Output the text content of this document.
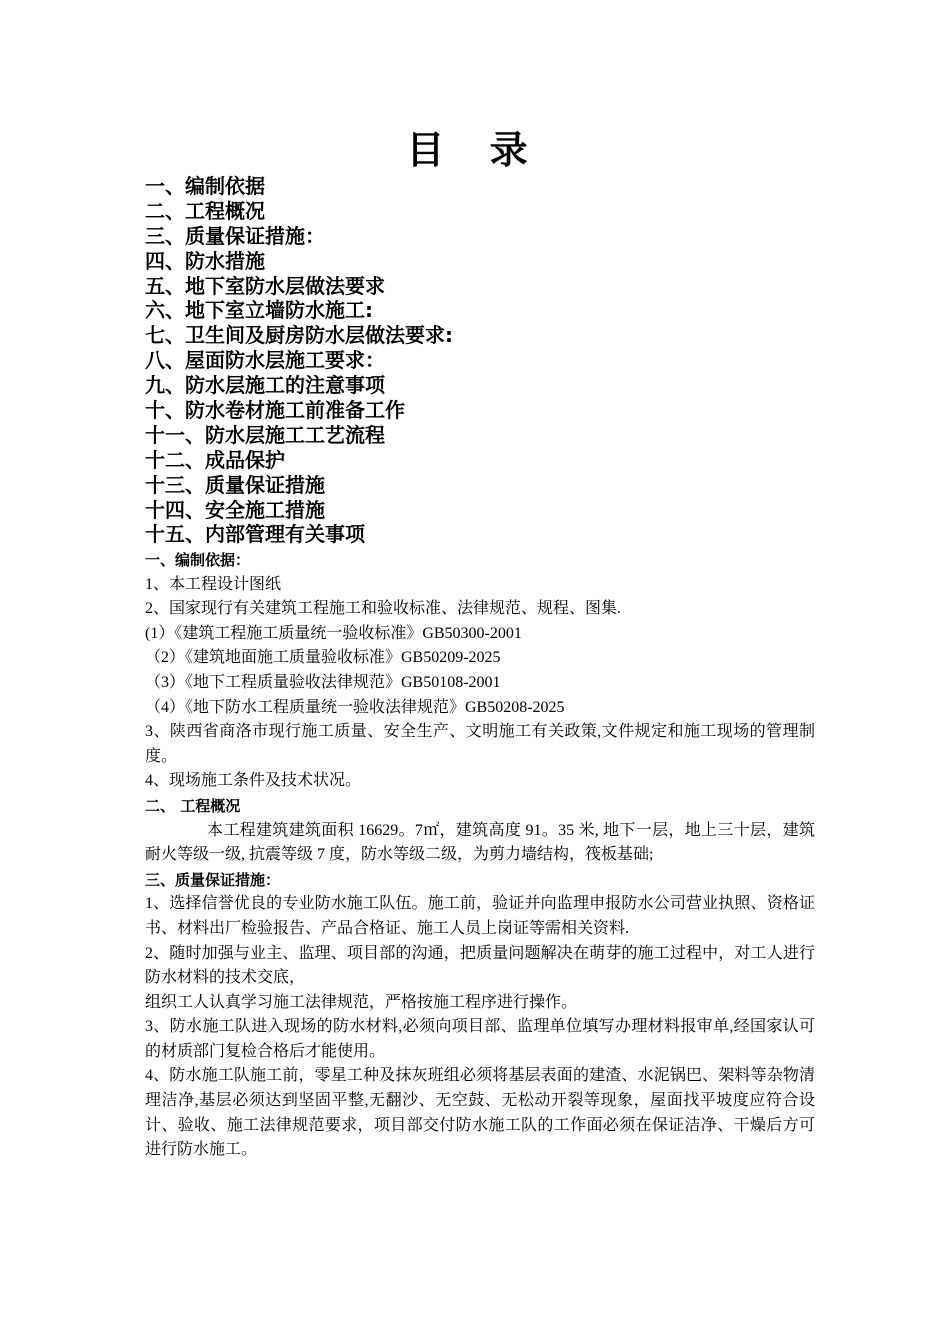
目 录
一、编制依据
二、工程概况
三、质量保证措施：
四、防水措施
五、地下室防水层做法要求
六、地下室立墙防水施工:
七、卫生间及厨房防水层做法要求:
八、屋面防水层施工要求：
九、防水层施工的注意事项
十、防水卷材施工前准备工作
十一、防水层施工工艺流程
十二、成品保护
十三、质量保证措施
十四、安全施工措施
十五、内部管理有关事项

一、编制依据：

1、本工程设计图纸

2、国家现行有关建筑工程施工和验收标准、法律规范、规程、图集.

(1）《建筑工程施工质量统一验收标准》GB50300-2001

（2）《建筑地面施工质量验收标准》GB50209-2025

（3）《地下工程质量验收法律规范》GB50108-2001

（4）《地下防水工程质量统一验收法律规范》GB50208-2025

3、陕西省商洛市现行施工质量、安全生产、文明施工有关政策,文件规定和施工现场的管理制度。

4、现场施工条件及技术状况。

二、 工程概况

本工程建筑建筑面积 16629。7㎡，建筑高度 91。35 米, 地下一层，地上三十层，建筑耐火等级一级, 抗震等级 7 度，防水等级二级，为剪力墙结构，筏板基础;

三、质量保证措施：

1、选择信誉优良的专业防水施工队伍。施工前，验证并向监理申报防水公司营业执照、资格证书、材料出厂检验报告、产品合格证、施工人员上岗证等需相关资料.

2、随时加强与业主、监理、项目部的沟通，把质量问题解决在萌芽的施工过程中，对工人进行防水材料的技术交底，

组织工人认真学习施工法律规范，严格按施工程序进行操作。

3、防水施工队进入现场的防水材料,必须向项目部、监理单位填写办理材料报审单,经国家认可的材质部门复检合格后才能使用。

4、防水施工队施工前，零星工种及抹灰班组必须将基层表面的建渣、水泥锅巴、架料等杂物清理洁净,基层必须达到坚固平整,无翻沙、无空鼓、无松动开裂等现象，屋面找平坡度应符合设计、验收、施工法律规范要求，项目部交付防水施工队的工作面必须在保证洁净、干燥后方可进行防水施工。
